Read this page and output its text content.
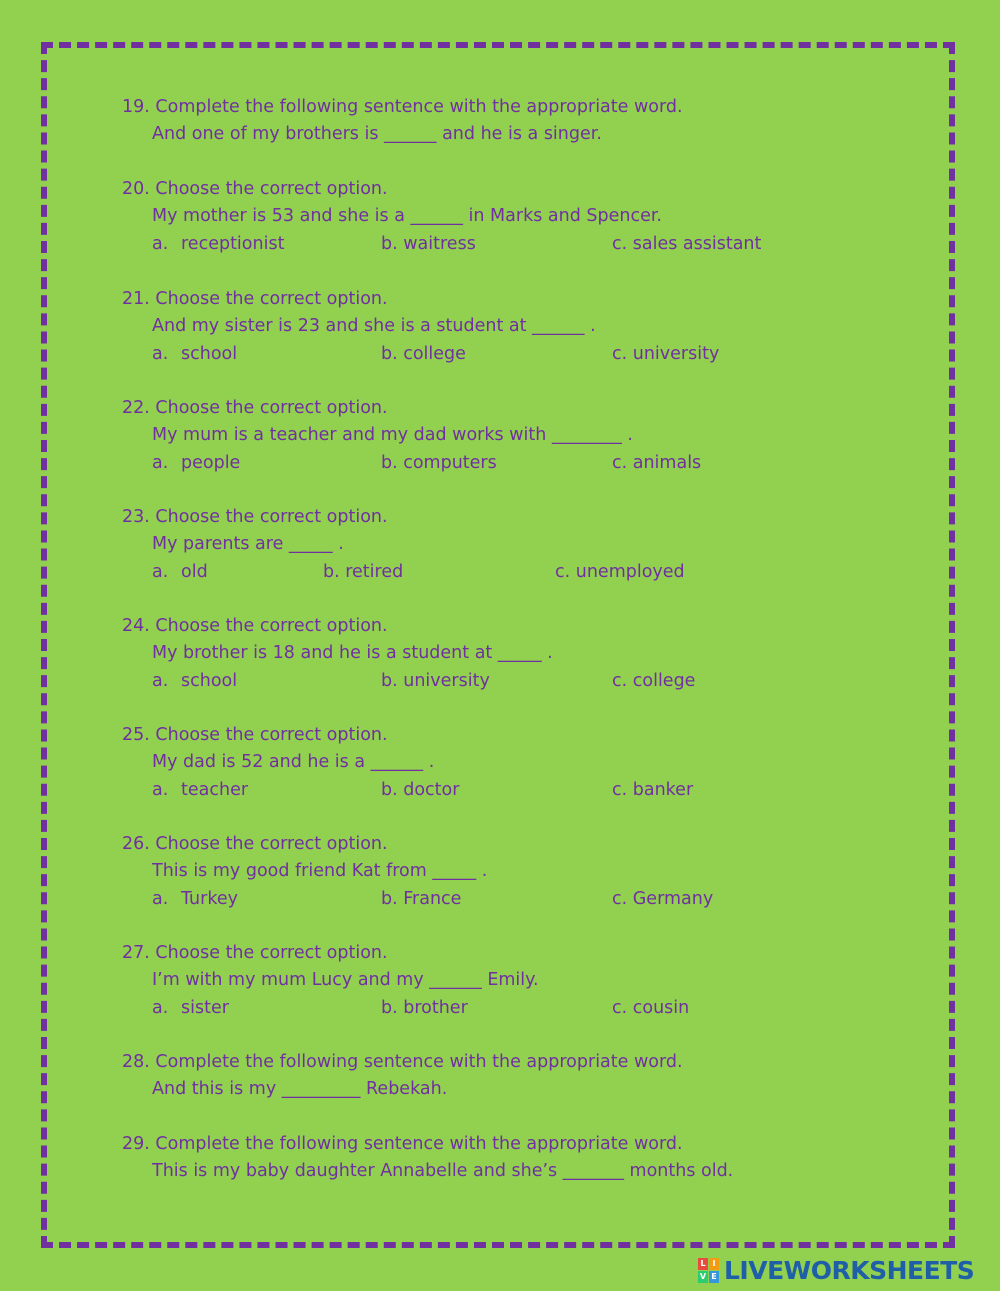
19. Complete the following sentence with the appropriate word.
And one of my brothers is ______ and he is a singer.
20. Choose the correct option.
My mother is 53 and she is a ______ in Marks and Spencer.
a. receptionist	b. waitress	c. sales assistant
21. Choose the correct option.
And my sister is 23 and she is a student at ______ .
a. school	b. college	c. university
22. Choose the correct option.
My mum is a teacher and my dad works with ________ .
a. people	b. computers	c. animals
23. Choose the correct option.
My parents are _____ .
a. old	b. retired	c. unemployed
24. Choose the correct option.
My brother is 18 and he is a student at _____ .
a. school	b. university	c. college
25. Choose the correct option.
My dad is 52 and he is a ______ .
a. teacher	b. doctor	c. banker
26. Choose the correct option.
This is my good friend Kat from _____ .
a. Turkey	b. France	c. Germany
27. Choose the correct option.
I’m with my mum Lucy and my ______ Emily.
a. sister	b. brother	c. cousin
28. Complete the following sentence with the appropriate word.
And this is my _________ Rebekah.
29. Complete the following sentence with the appropriate word.
This is my baby daughter Annabelle and she’s _______ months old.
L I
V E LIVEWORKSHEETS
